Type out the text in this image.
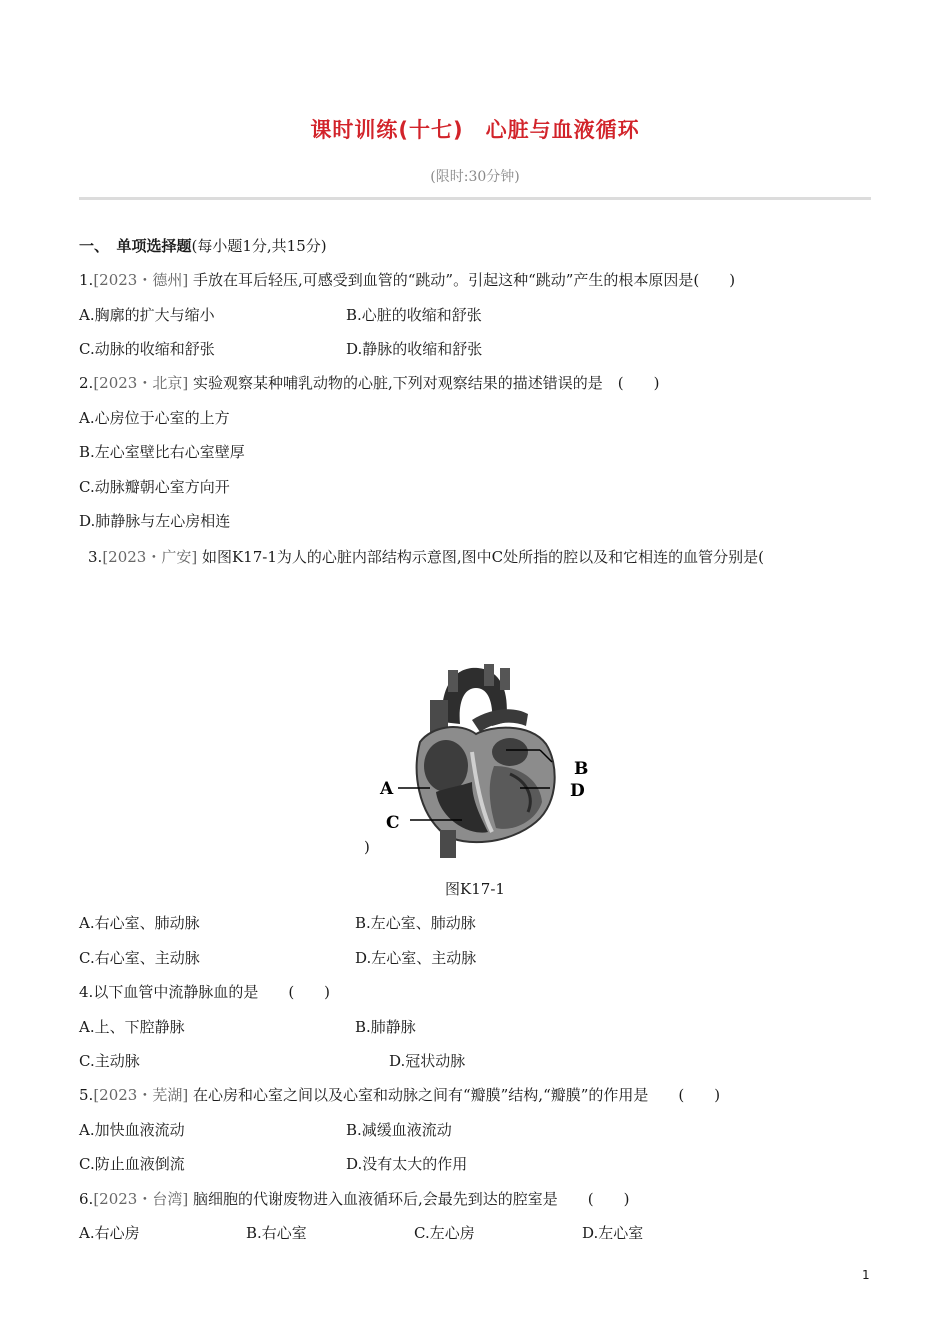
课时训练(十七)　心脏与血液循环
(限时:30分钟)
一、　单项选择题(每小题1分,共15分)
1.[2023・德州] 手放在耳后轻压,可感受到血管的“跳动”。引起这种“跳动”产生的根本原因是(　　)
A.胸廓的扩大与缩小	B.心脏的收缩和舒张
C.动脉的收缩和舒张	D.静脉的收缩和舒张
2.[2023・北京] 实验观察某种哺乳动物的心脏,下列对观察结果的描述错误的是　(　　)
A.心房位于心室的上方
B.左心室壁比右心室壁厚
C.动脉瓣朝心室方向开
D.肺静脉与左心房相连
3.[2023・广安] 如图K17-1为人的心脏内部结构示意图,图中C处所指的腔以及和它相连的血管分别是(
A
B
C
D
)
图K17-1
A.右心室、肺动脉	B.左心室、肺动脉
C.右心室、主动脉	D.左心室、主动脉
4.以下血管中流静脉血的是　　(　　)
A.上、下腔静脉	B.肺静脉
C.主动脉	D.冠状动脉
5.[2023・芜湖] 在心房和心室之间以及心室和动脉之间有“瓣膜”结构,“瓣膜”的作用是　　(　　)
A.加快血液流动	B.减缓血液流动
C.防止血液倒流	D.没有太大的作用
6.[2023・台湾] 脑细胞的代谢废物进入血液循环后,会最先到达的腔室是　　(　　)
A.右心房	B.右心室	C.左心房	D.左心室
1
